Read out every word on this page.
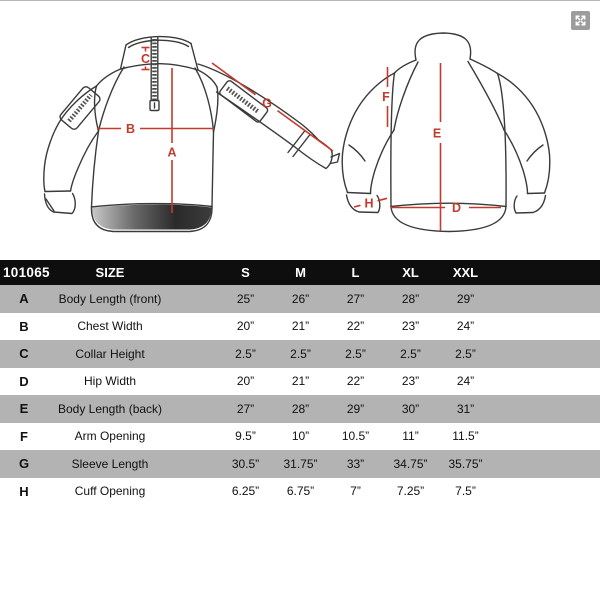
C
A
B
G	F
E
D
H
101065	SIZE	S	M	L	XL	XXL
A	Body Length (front)	25”	26”	27”	28”	29”
B	Chest Width	20”	21”	22”	23”	24”
C	Collar Height	2.5”	2.5”	2.5”	2.5”	2.5”
D	Hip Width	20”	21”	22”	23”	24”
E	Body Length (back)	27”	28”	29”	30”	31”
F	Arm Opening	9.5”	10”	10.5”	11”	11.5”
G	Sleeve Length	30.5”	31.75”	33”	34.75”	35.75”
H	Cuff Opening	6.25”	6.75”	7”	7.25”	7.5”
